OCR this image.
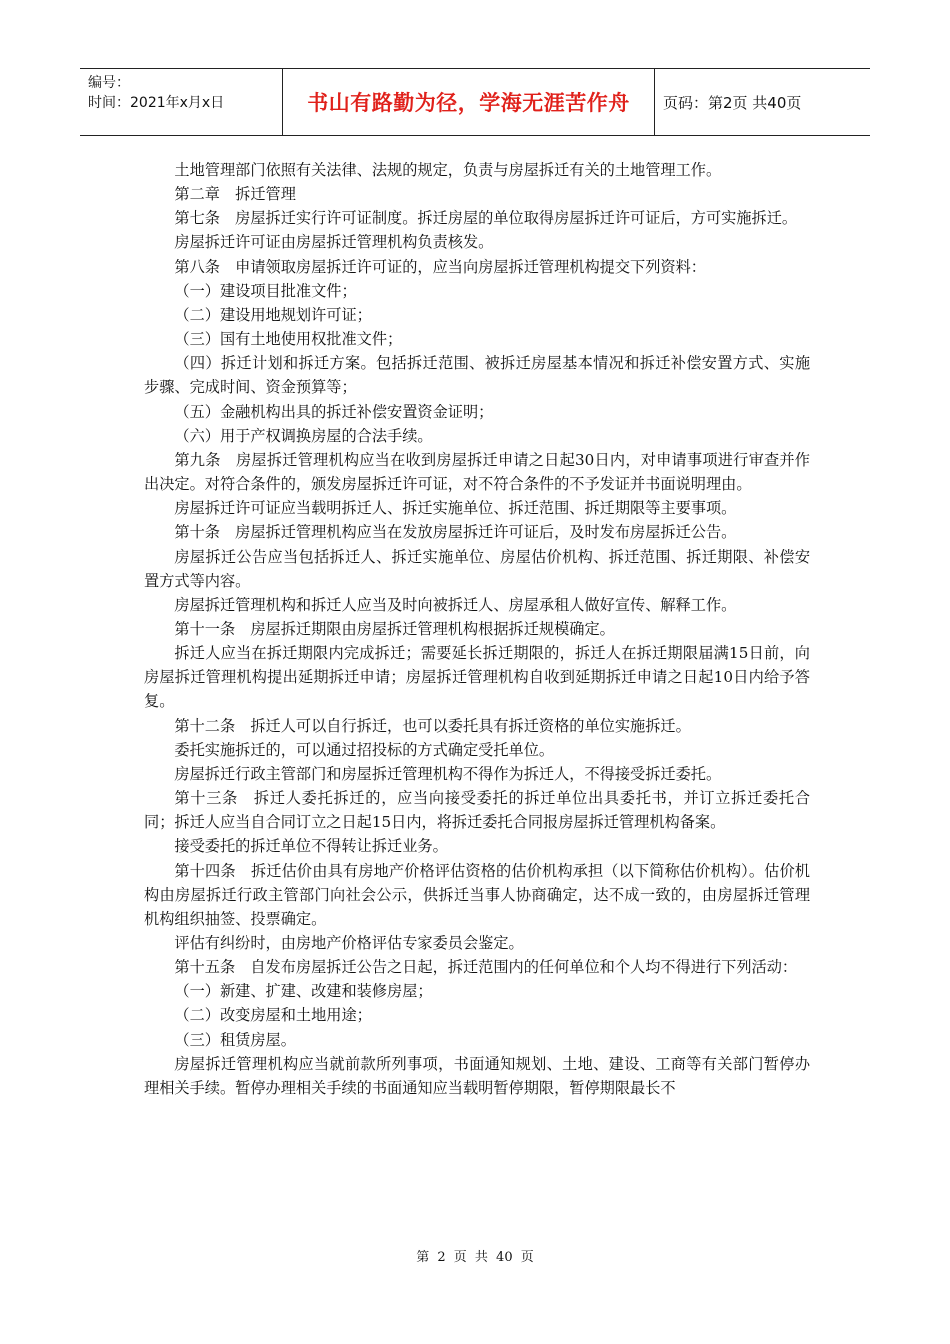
编号：
时间：2021年x月x日	书山有路勤为径，学海无涯苦作舟	页码：第2页 共40页

土地管理部门依照有关法律、法规的规定，负责与房屋拆迁有关的土地管理工作。

第二章　拆迁管理

第七条　房屋拆迁实行许可证制度。拆迁房屋的单位取得房屋拆迁许可证后，方可实施拆迁。

房屋拆迁许可证由房屋拆迁管理机构负责核发。

第八条　申请领取房屋拆迁许可证的，应当向房屋拆迁管理机构提交下列资料：

（一）建设项目批准文件；

（二）建设用地规划许可证；

（三）国有土地使用权批准文件；

（四）拆迁计划和拆迁方案。包括拆迁范围、被拆迁房屋基本情况和拆迁补偿安置方式、实施步骤、完成时间、资金预算等；

（五）金融机构出具的拆迁补偿安置资金证明；

（六）用于产权调换房屋的合法手续。

第九条　房屋拆迁管理机构应当在收到房屋拆迁申请之日起30日内，对申请事项进行审查并作出决定。对符合条件的，颁发房屋拆迁许可证，对不符合条件的不予发证并书面说明理由。

房屋拆迁许可证应当载明拆迁人、拆迁实施单位、拆迁范围、拆迁期限等主要事项。

第十条　房屋拆迁管理机构应当在发放房屋拆迁许可证后，及时发布房屋拆迁公告。

房屋拆迁公告应当包括拆迁人、拆迁实施单位、房屋估价机构、拆迁范围、拆迁期限、补偿安置方式等内容。

房屋拆迁管理机构和拆迁人应当及时向被拆迁人、房屋承租人做好宣传、解释工作。

第十一条　房屋拆迁期限由房屋拆迁管理机构根据拆迁规模确定。

拆迁人应当在拆迁期限内完成拆迁；需要延长拆迁期限的，拆迁人在拆迁期限届满15日前，向房屋拆迁管理机构提出延期拆迁申请；房屋拆迁管理机构自收到延期拆迁申请之日起10日内给予答复。

第十二条　拆迁人可以自行拆迁，也可以委托具有拆迁资格的单位实施拆迁。

委托实施拆迁的，可以通过招投标的方式确定受托单位。

房屋拆迁行政主管部门和房屋拆迁管理机构不得作为拆迁人，不得接受拆迁委托。

第十三条　拆迁人委托拆迁的，应当向接受委托的拆迁单位出具委托书，并订立拆迁委托合同；拆迁人应当自合同订立之日起15日内，将拆迁委托合同报房屋拆迁管理机构备案。

接受委托的拆迁单位不得转让拆迁业务。

第十四条　拆迁估价由具有房地产价格评估资格的估价机构承担（以下简称估价机构）。估价机构由房屋拆迁行政主管部门向社会公示，供拆迁当事人协商确定，达不成一致的，由房屋拆迁管理机构组织抽签、投票确定。

评估有纠纷时，由房地产价格评估专家委员会鉴定。

第十五条　自发布房屋拆迁公告之日起，拆迁范围内的任何单位和个人均不得进行下列活动：

（一）新建、扩建、改建和装修房屋；

（二）改变房屋和土地用途；

（三）租赁房屋。

房屋拆迁管理机构应当就前款所列事项，书面通知规划、土地、建设、工商等有关部门暂停办理相关手续。暂停办理相关手续的书面通知应当载明暂停期限，暂停期限最长不

第 2 页 共 40 页
